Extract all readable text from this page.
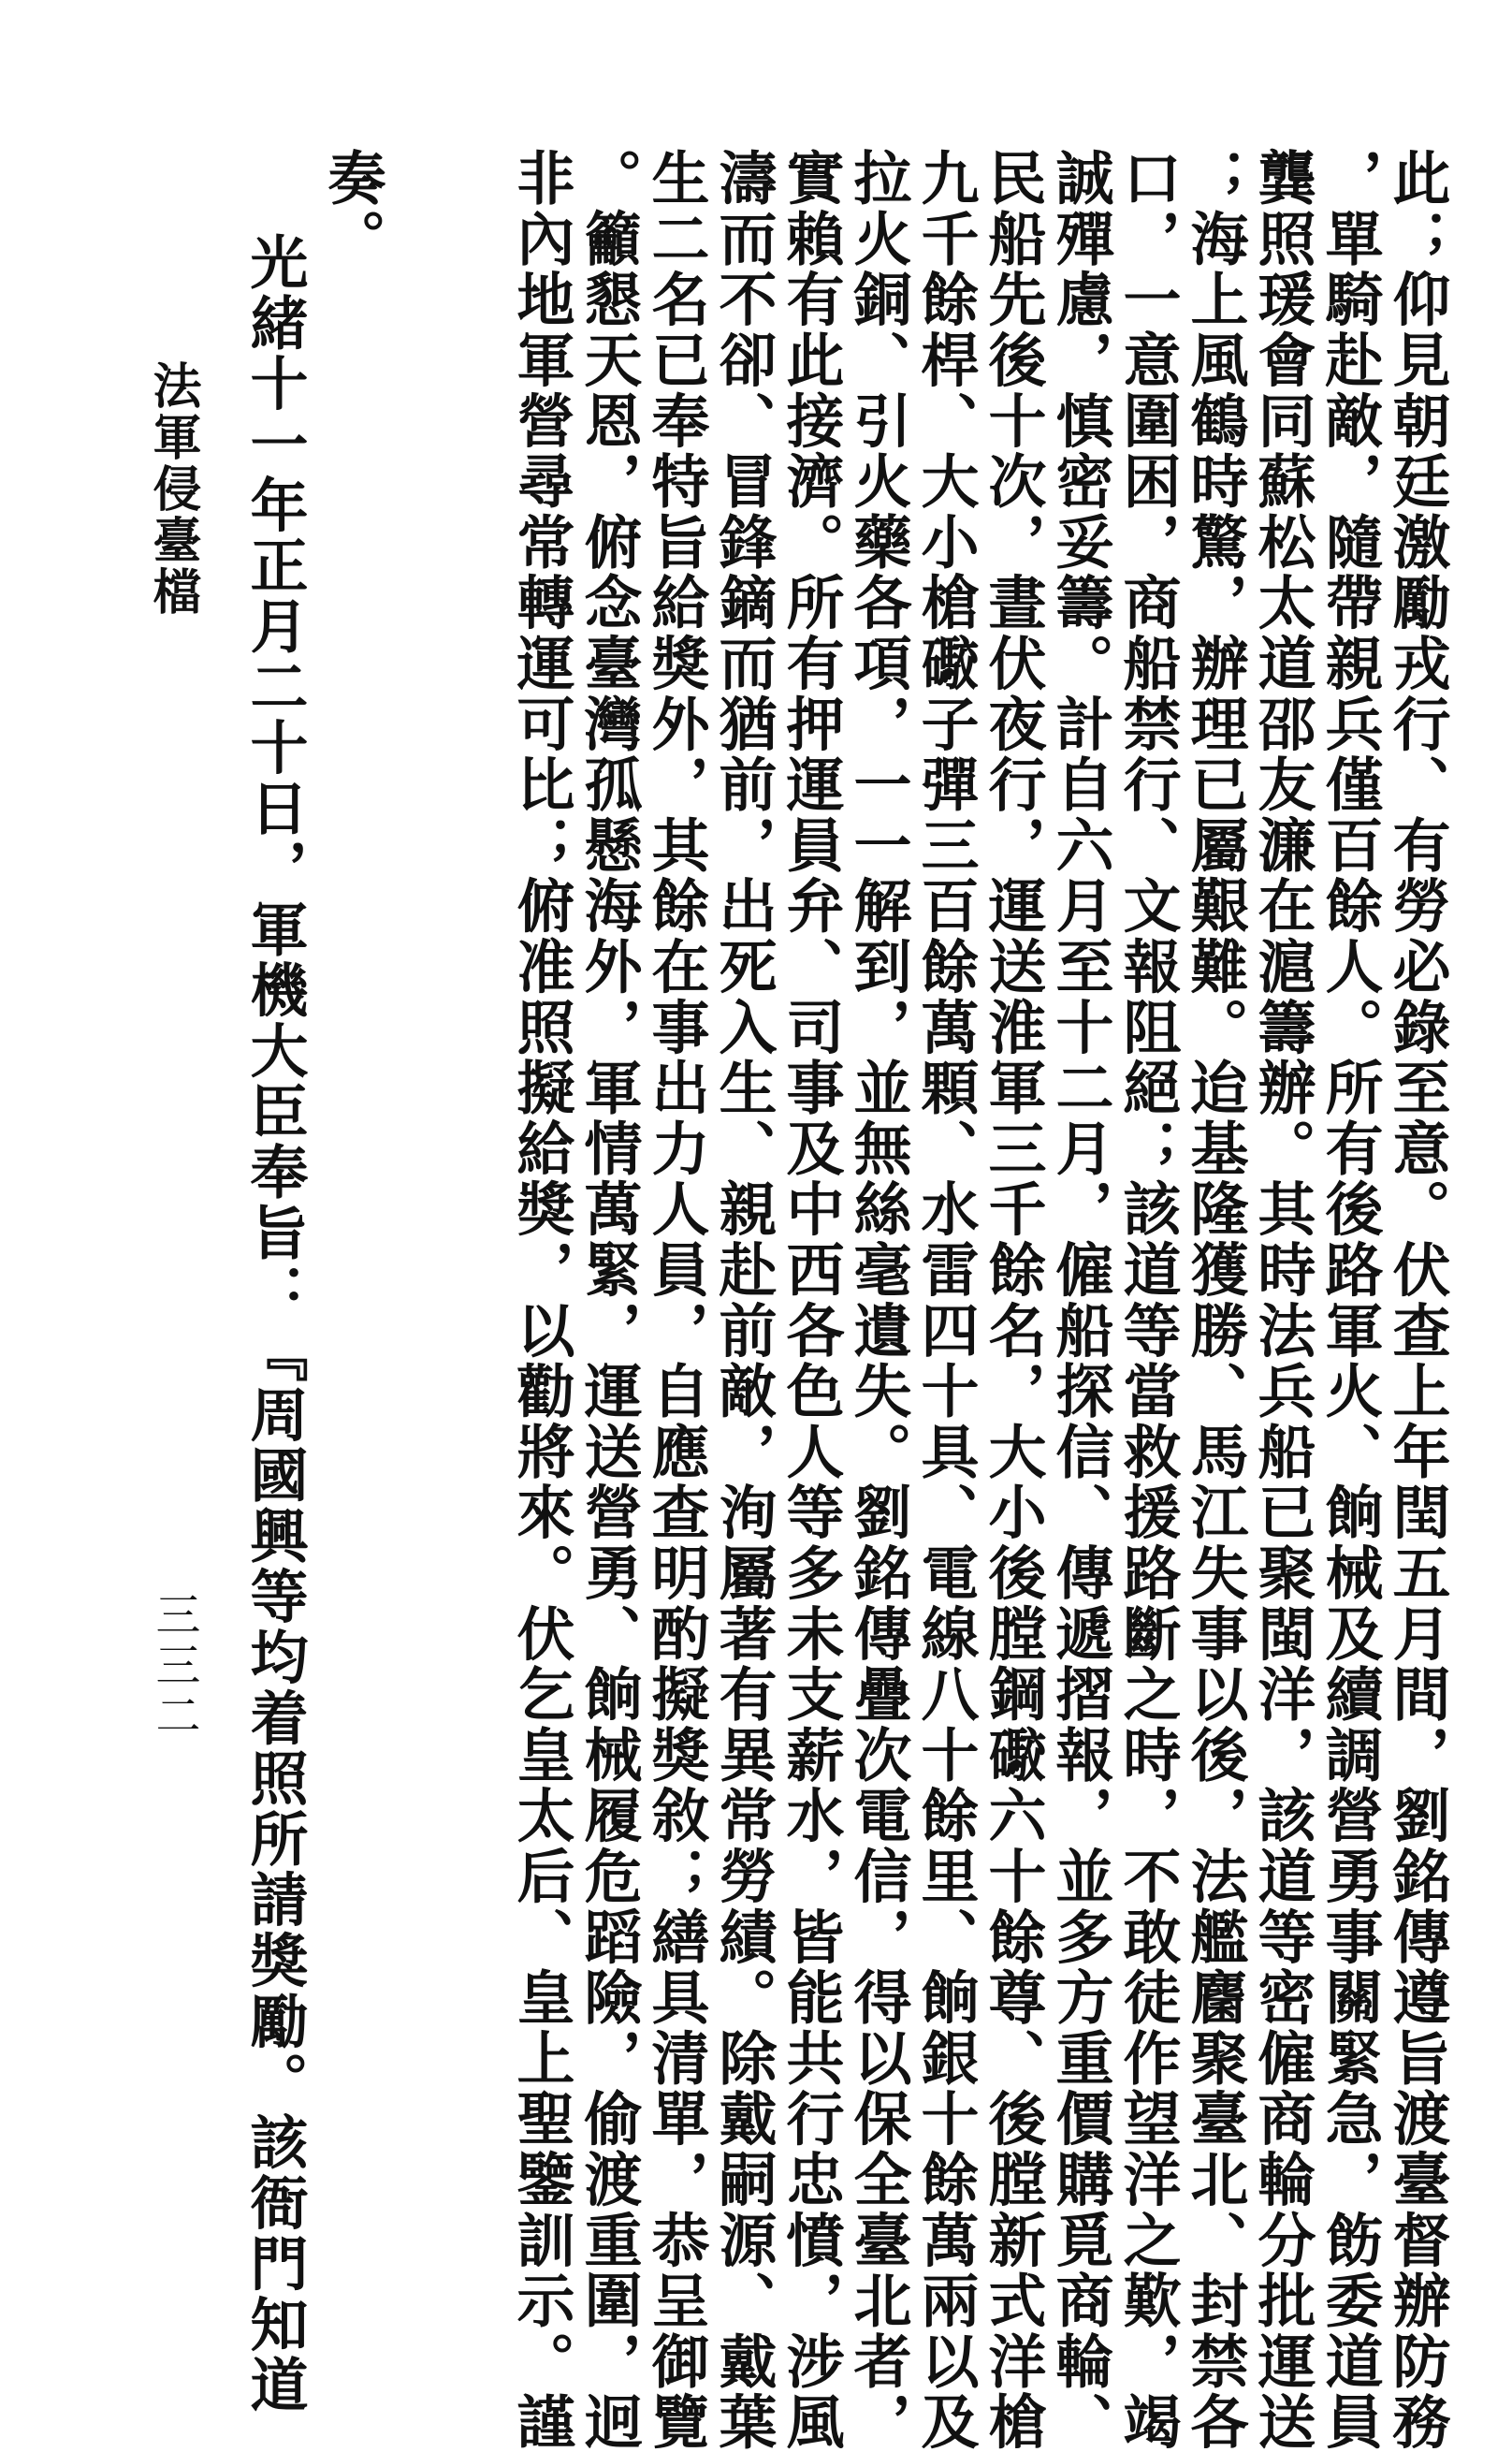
此；仰見朝廷激勵戎行、有勞必錄至意。伏查上年閏五月間，劉銘傳遵旨渡臺督辦防務
，單騎赴敵，隨帶親兵僅百餘人。所有後路軍火、餉械及續調營勇事關緊急，飭委道員
龔照瑗會同蘇松太道邵友濂在滬籌辦。其時法兵船已聚閩洋，該道等密僱商輪分批運送
；海上風鶴時驚，辦理已屬艱難。迨基隆獲勝、馬江失事以後，法艦麕聚臺北、封禁各
口，一意圍困，商船禁行、文報阻絕；該道等當救援路斷之時，不敢徒作望洋之歎，竭
誠殫慮，慎密妥籌。計自六月至十二月，僱船探信、傳遞摺報，並多方重價購覓商輪、
民船先後十次，晝伏夜行，運送淮軍三千餘名，大小後膛鋼礮六十餘尊、後膛新式洋槍
九千餘桿、大小槍礮子彈三百餘萬顆、水雷四十具、電線八十餘里、餉銀十餘萬兩以及
拉火銅、引火藥各項，一一解到，並無絲毫遺失。劉銘傳疊次電信，得以保全臺北者，
實賴有此接濟。所有押運員弁、司事及中西各色人等多未支薪水，皆能共行忠憤，涉風
濤而不卻、冒鋒鏑而猶前，出死入生、親赴前敵，洵屬著有異常勞績。除戴嗣源、戴葉
生二名已奉特旨給獎外，其餘在事出力人員，自應查明酌擬獎敘；繕具清單，恭呈御覽
。籲懇天恩，俯念臺灣孤懸海外，軍情萬緊，運送營勇、餉械履危蹈險，偷渡重圍，迥
非內地軍營尋常轉運可比；俯准照擬給獎，以勸將來。伏乞皇太后、皇上聖鑒訓示。謹
奏。
光緒十一年正月二十日，軍機大臣奉旨：『周國興等均着照所請獎勵。該衙門知道
法軍侵臺檔
三三二
